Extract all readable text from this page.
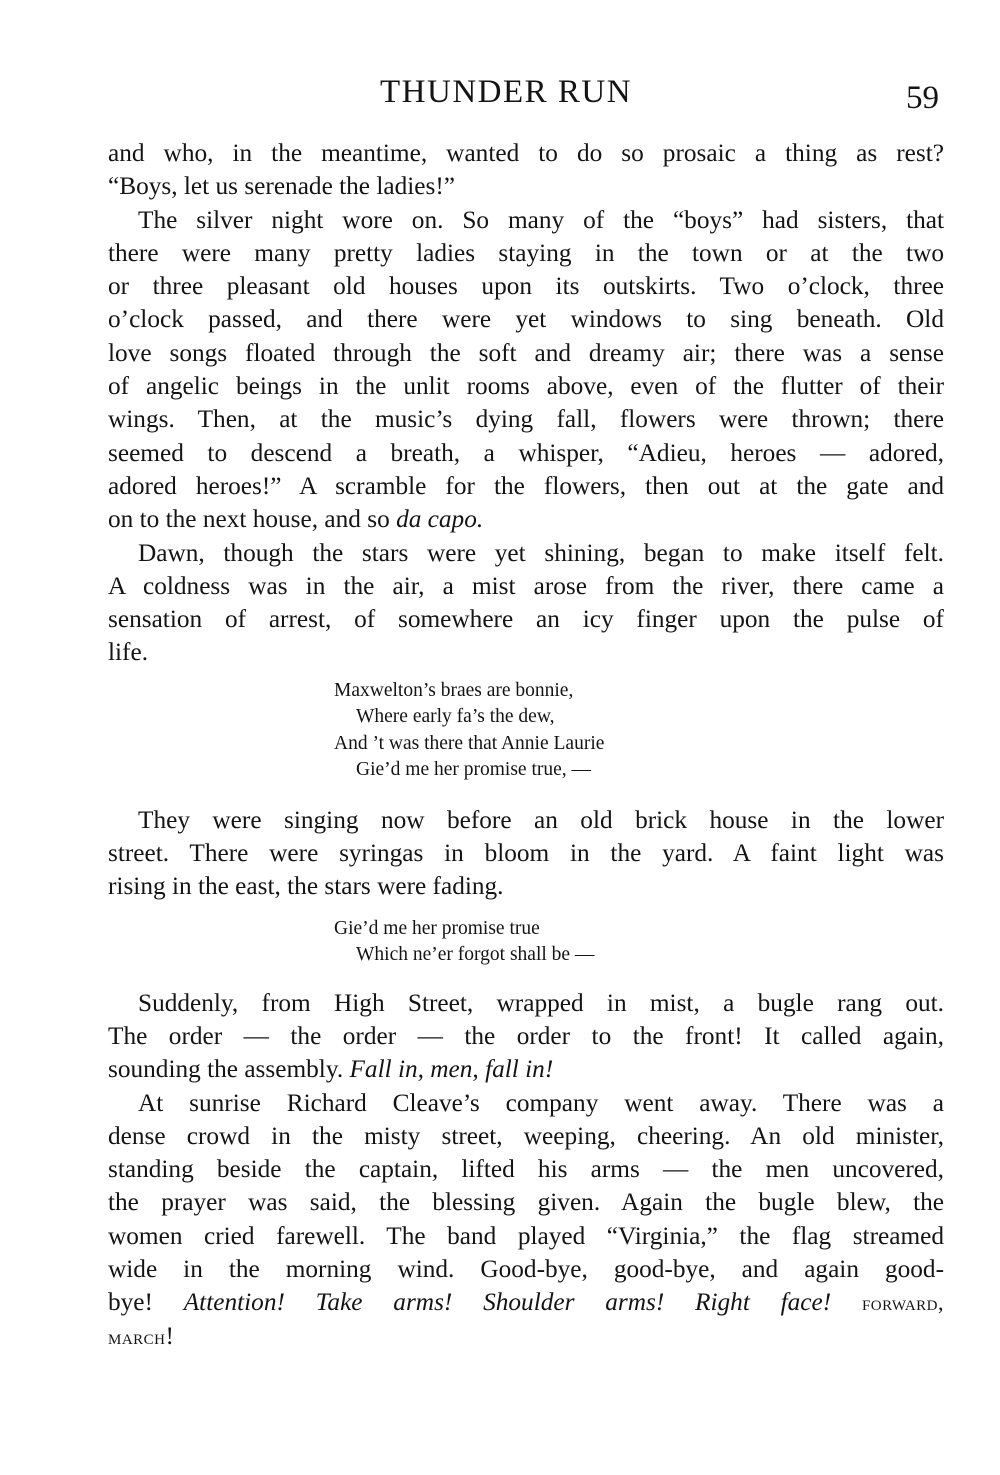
THUNDER RUN	59

and who, in the meantime, wanted to do so prosaic a thing as rest?
“Boys, let us serenade the ladies!”

The silver night wore on. So many of the “boys” had sisters, that
there were many pretty ladies staying in the town or at the two
or three pleasant old houses upon its outskirts. Two o’clock, three
o’clock passed, and there were yet windows to sing beneath. Old
love songs floated through the soft and dreamy air; there was a sense
of angelic beings in the unlit rooms above, even of the flutter of their
wings. Then, at the music’s dying fall, flowers were thrown; there
seemed to descend a breath, a whisper, “Adieu, heroes — adored,
adored heroes!” A scramble for the flowers, then out at the gate and
on to the next house, and so da capo.

Dawn, though the stars were yet shining, began to make itself felt.
A coldness was in the air, a mist arose from the river, there came a
sensation of arrest, of somewhere an icy finger upon the pulse of
life.

Maxwelton’s braes are bonnie,
Where early fa’s the dew,
And ’t was there that Annie Laurie
Gie’d me her promise true, —

They were singing now before an old brick house in the lower
street. There were syringas in bloom in the yard. A faint light was
rising in the east, the stars were fading.

Gie’d me her promise true
Which ne’er forgot shall be —

Suddenly, from High Street, wrapped in mist, a bugle rang out.
The order — the order — the order to the front! It called again,
sounding the assembly. Fall in, men, fall in!

At sunrise Richard Cleave’s company went away. There was a
dense crowd in the misty street, weeping, cheering. An old minister,
standing beside the captain, lifted his arms — the men uncovered,
the prayer was said, the blessing given. Again the bugle blew, the
women cried farewell. The band played “Virginia,” the flag streamed
wide in the morning wind. Good-bye, good-bye, and again good-
bye! Attention! Take arms! Shoulder arms! Right face! forward,
march!
